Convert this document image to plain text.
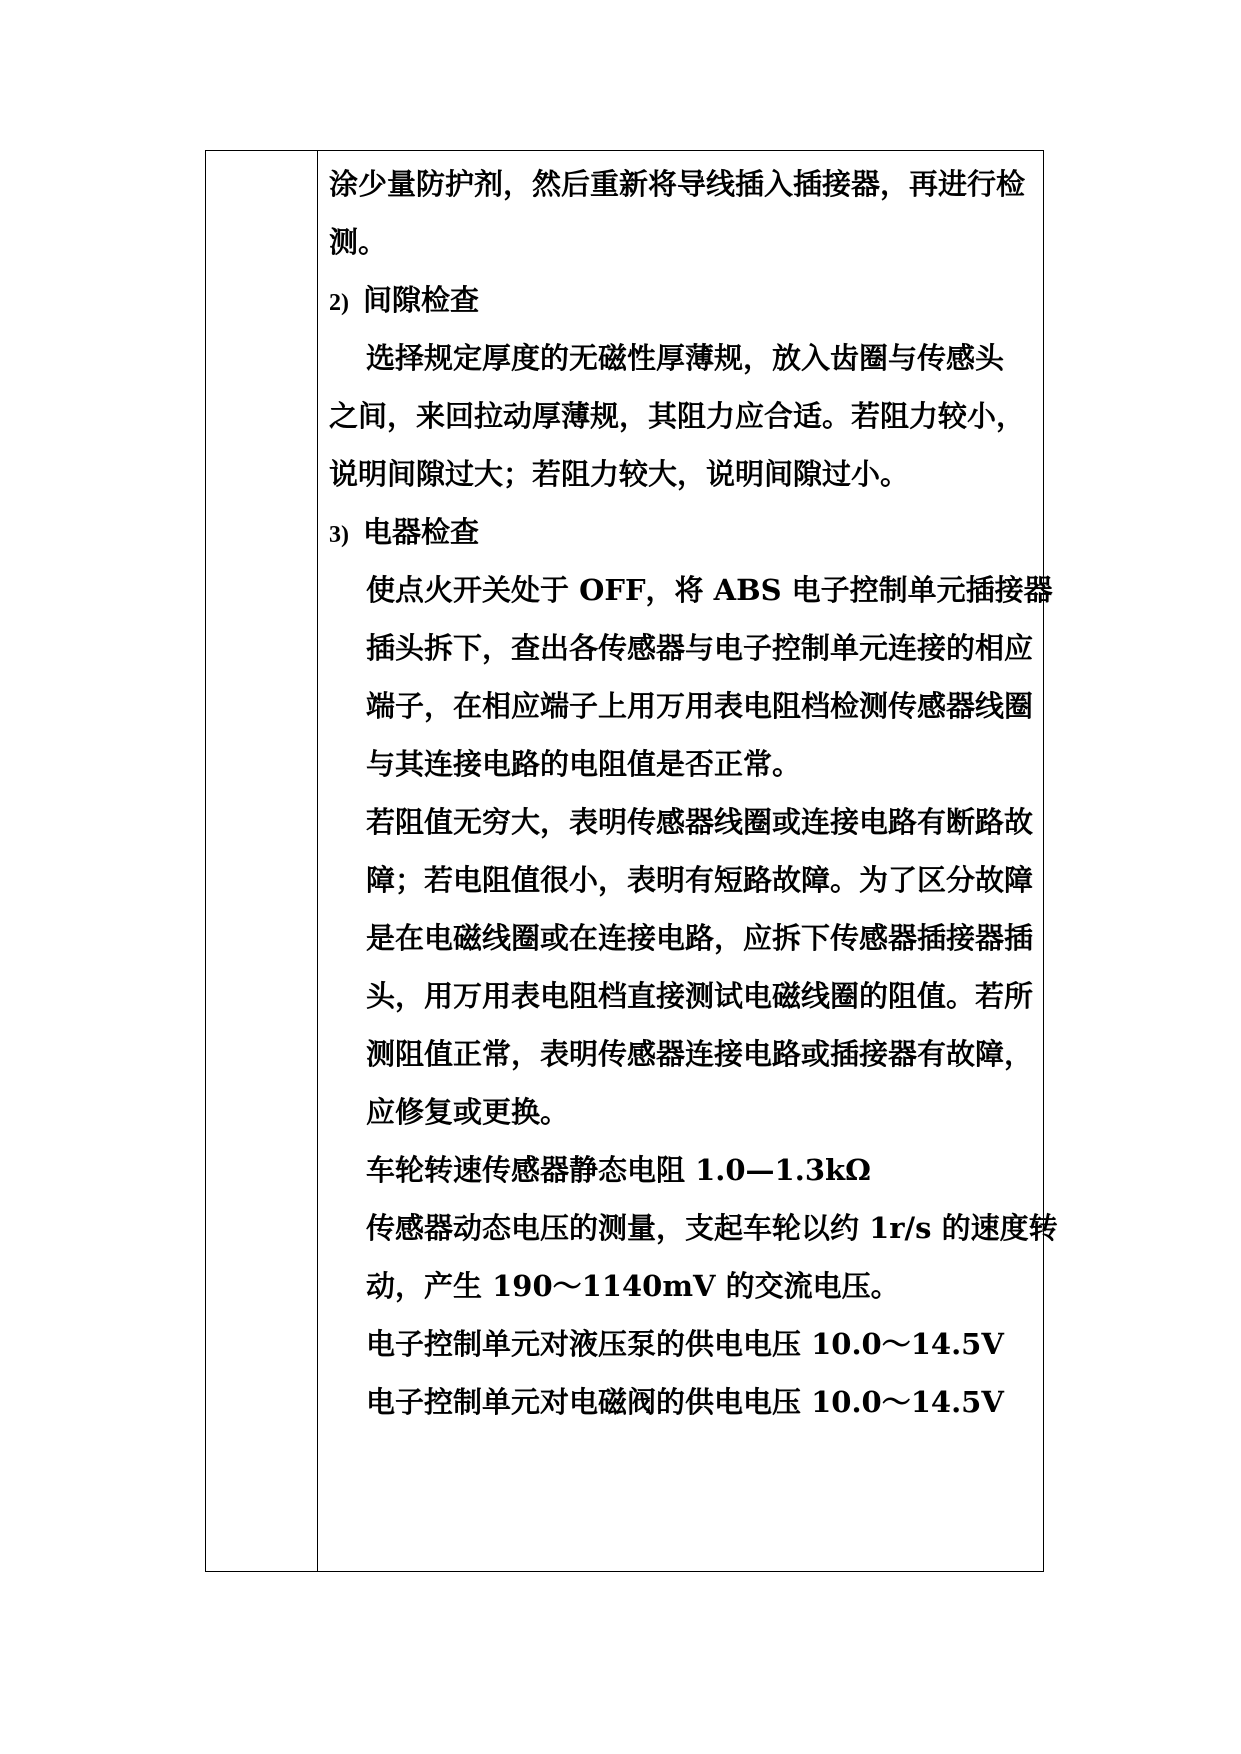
涂少量防护剂，然后重新将导线插入插接器，再进行检
测。
2) 间隙检查
选择规定厚度的无磁性厚薄规，放入齿圈与传感头
之间，来回拉动厚薄规，其阻力应合适。若阻力较小，
说明间隙过大；若阻力较大，说明间隙过小。
3) 电器检查
使点火开关处于 OFF，将 ABS 电子控制单元插接器
插头拆下，查出各传感器与电子控制单元连接的相应
端子，在相应端子上用万用表电阻档检测传感器线圈
与其连接电路的电阻值是否正常。
若阻值无穷大，表明传感器线圈或连接电路有断路故
障；若电阻值很小，表明有短路故障。为了区分故障
是在电磁线圈或在连接电路，应拆下传感器插接器插
头，用万用表电阻档直接测试电磁线圈的阻值。若所
测阻值正常，表明传感器连接电路或插接器有故障，
应修复或更换。
车轮转速传感器静态电阻 1.0—1.3kΩ
传感器动态电压的测量，支起车轮以约 1r/s 的速度转
动，产生 190～1140mV 的交流电压。
电子控制单元对液压泵的供电电压 10.0～14.5V
电子控制单元对电磁阀的供电电压 10.0～14.5V
